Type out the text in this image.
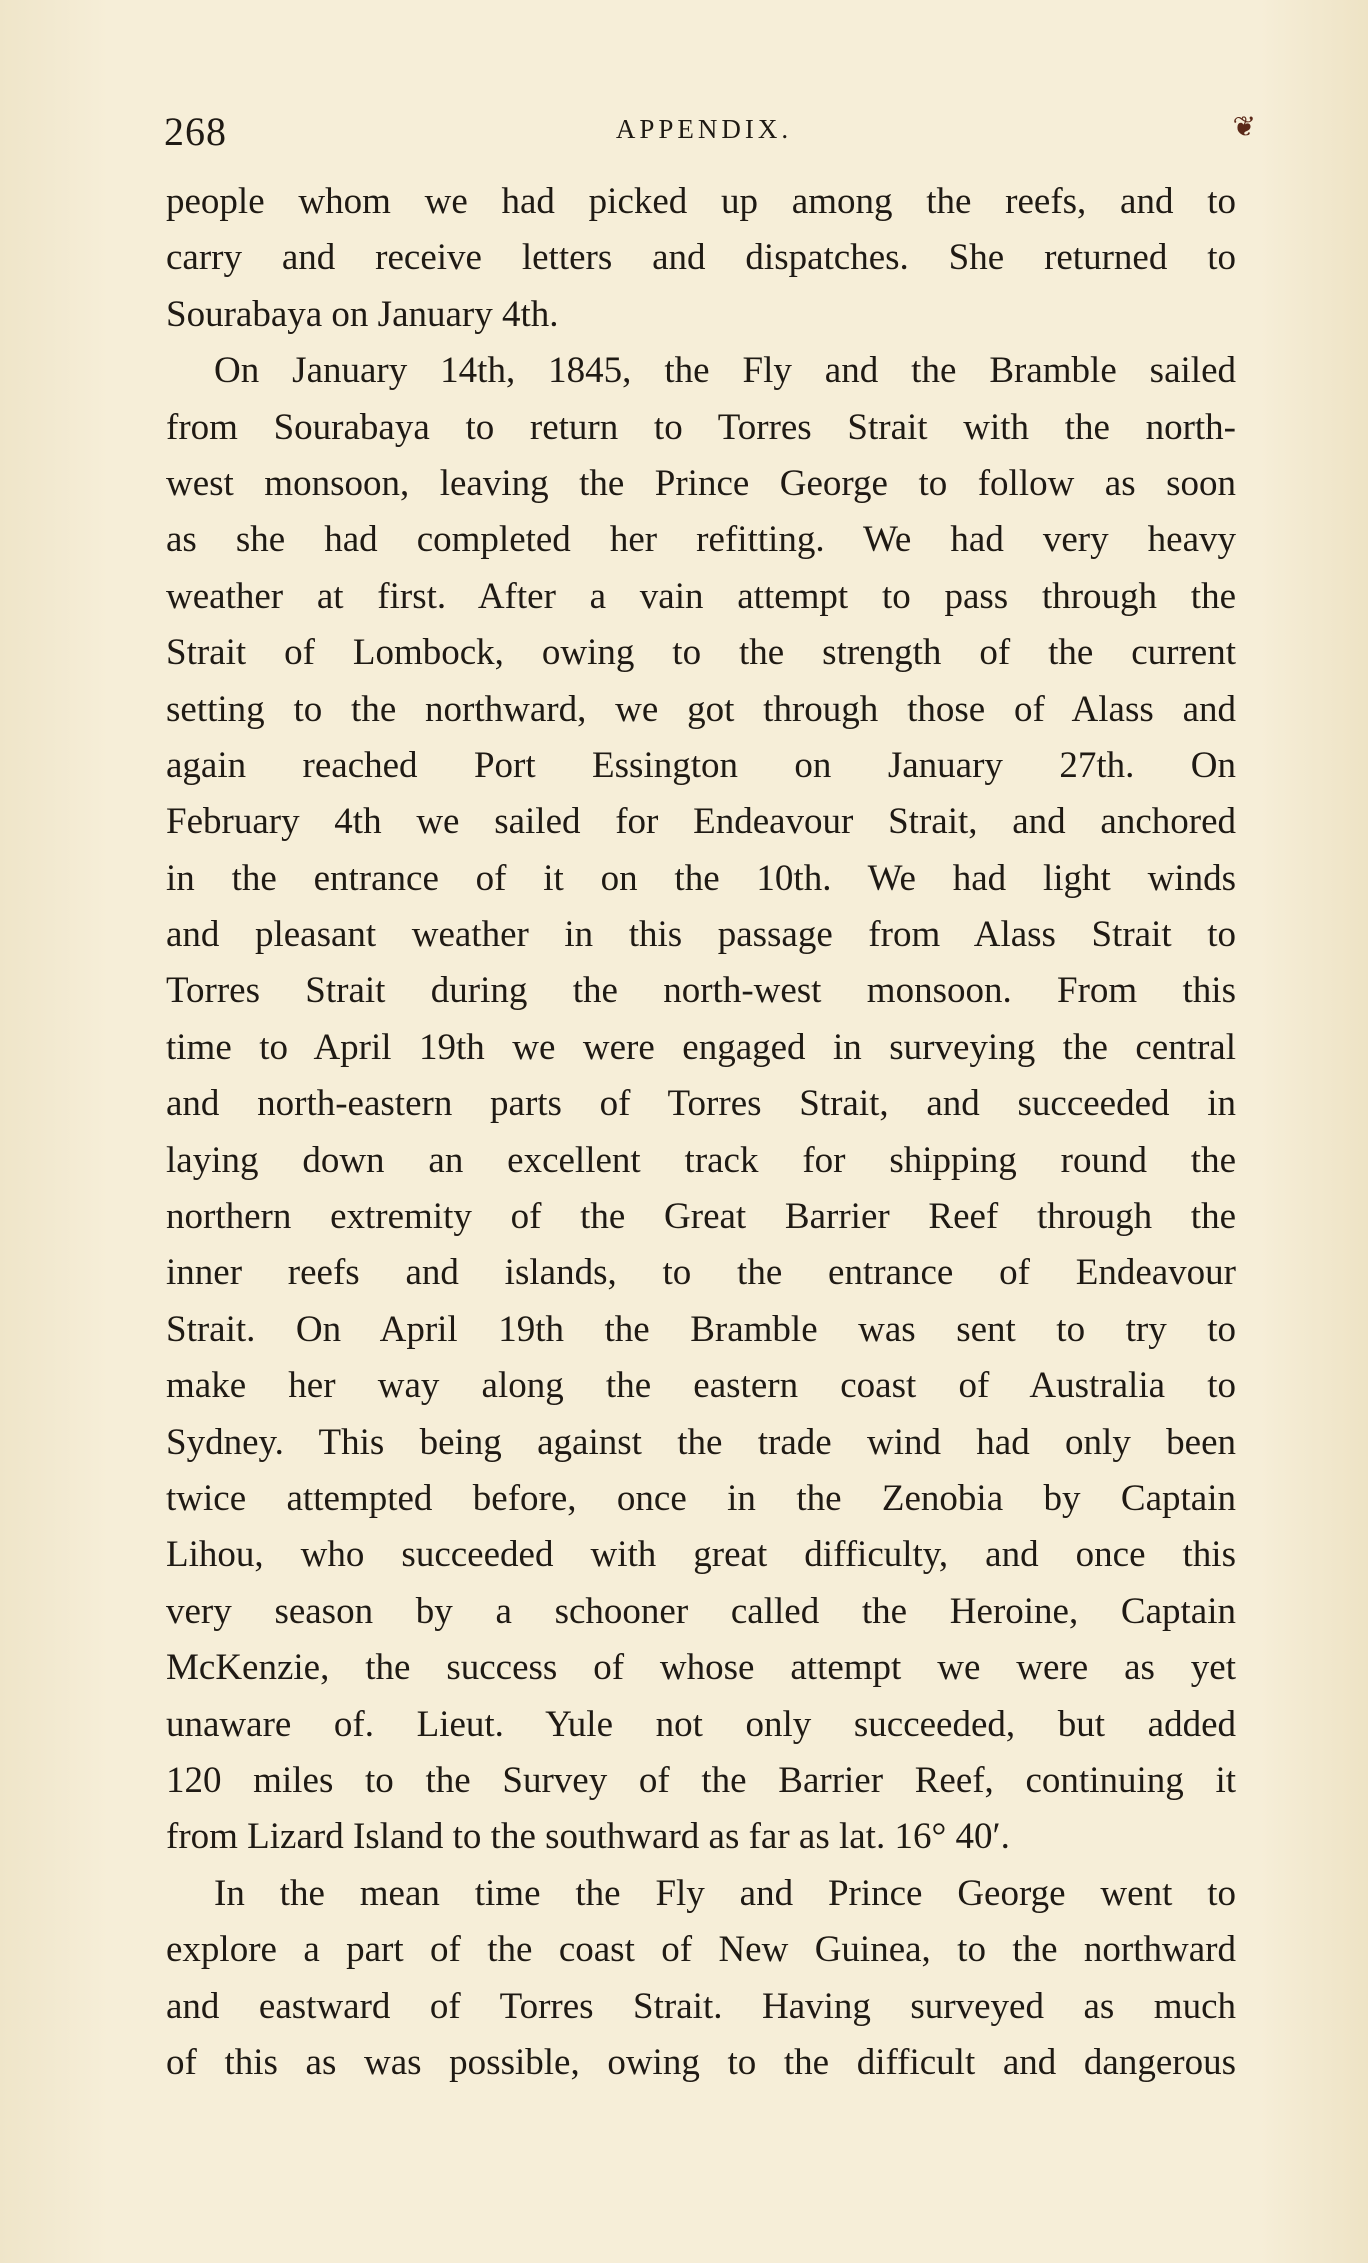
268	APPENDIX.	❦
people whom we had picked up among the reefs, and to
carry and receive letters and dispatches. She returned to
Sourabaya on January 4th.
On January 14th, 1845, the Fly and the Bramble sailed
from Sourabaya to return to Torres Strait with the north-
west monsoon, leaving the Prince George to follow as soon
as she had completed her refitting. We had very heavy
weather at first. After a vain attempt to pass through the
Strait of Lombock, owing to the strength of the current
setting to the northward, we got through those of Alass and
again reached Port Essington on January 27th. On
February 4th we sailed for Endeavour Strait, and anchored
in the entrance of it on the 10th. We had light winds
and pleasant weather in this passage from Alass Strait to
Torres Strait during the north-west monsoon. From this
time to April 19th we were engaged in surveying the central
and north-eastern parts of Torres Strait, and succeeded in
laying down an excellent track for shipping round the
northern extremity of the Great Barrier Reef through the
inner reefs and islands, to the entrance of Endeavour
Strait. On April 19th the Bramble was sent to try to
make her way along the eastern coast of Australia to
Sydney. This being against the trade wind had only been
twice attempted before, once in the Zenobia by Captain
Lihou, who succeeded with great difficulty, and once this
very season by a schooner called the Heroine, Captain
McKenzie, the success of whose attempt we were as yet
unaware of. Lieut. Yule not only succeeded, but added
120 miles to the Survey of the Barrier Reef, continuing it
from Lizard Island to the southward as far as lat. 16° 40′.
In the mean time the Fly and Prince George went to
explore a part of the coast of New Guinea, to the northward
and eastward of Torres Strait. Having surveyed as much
of this as was possible, owing to the difficult and dangerous
